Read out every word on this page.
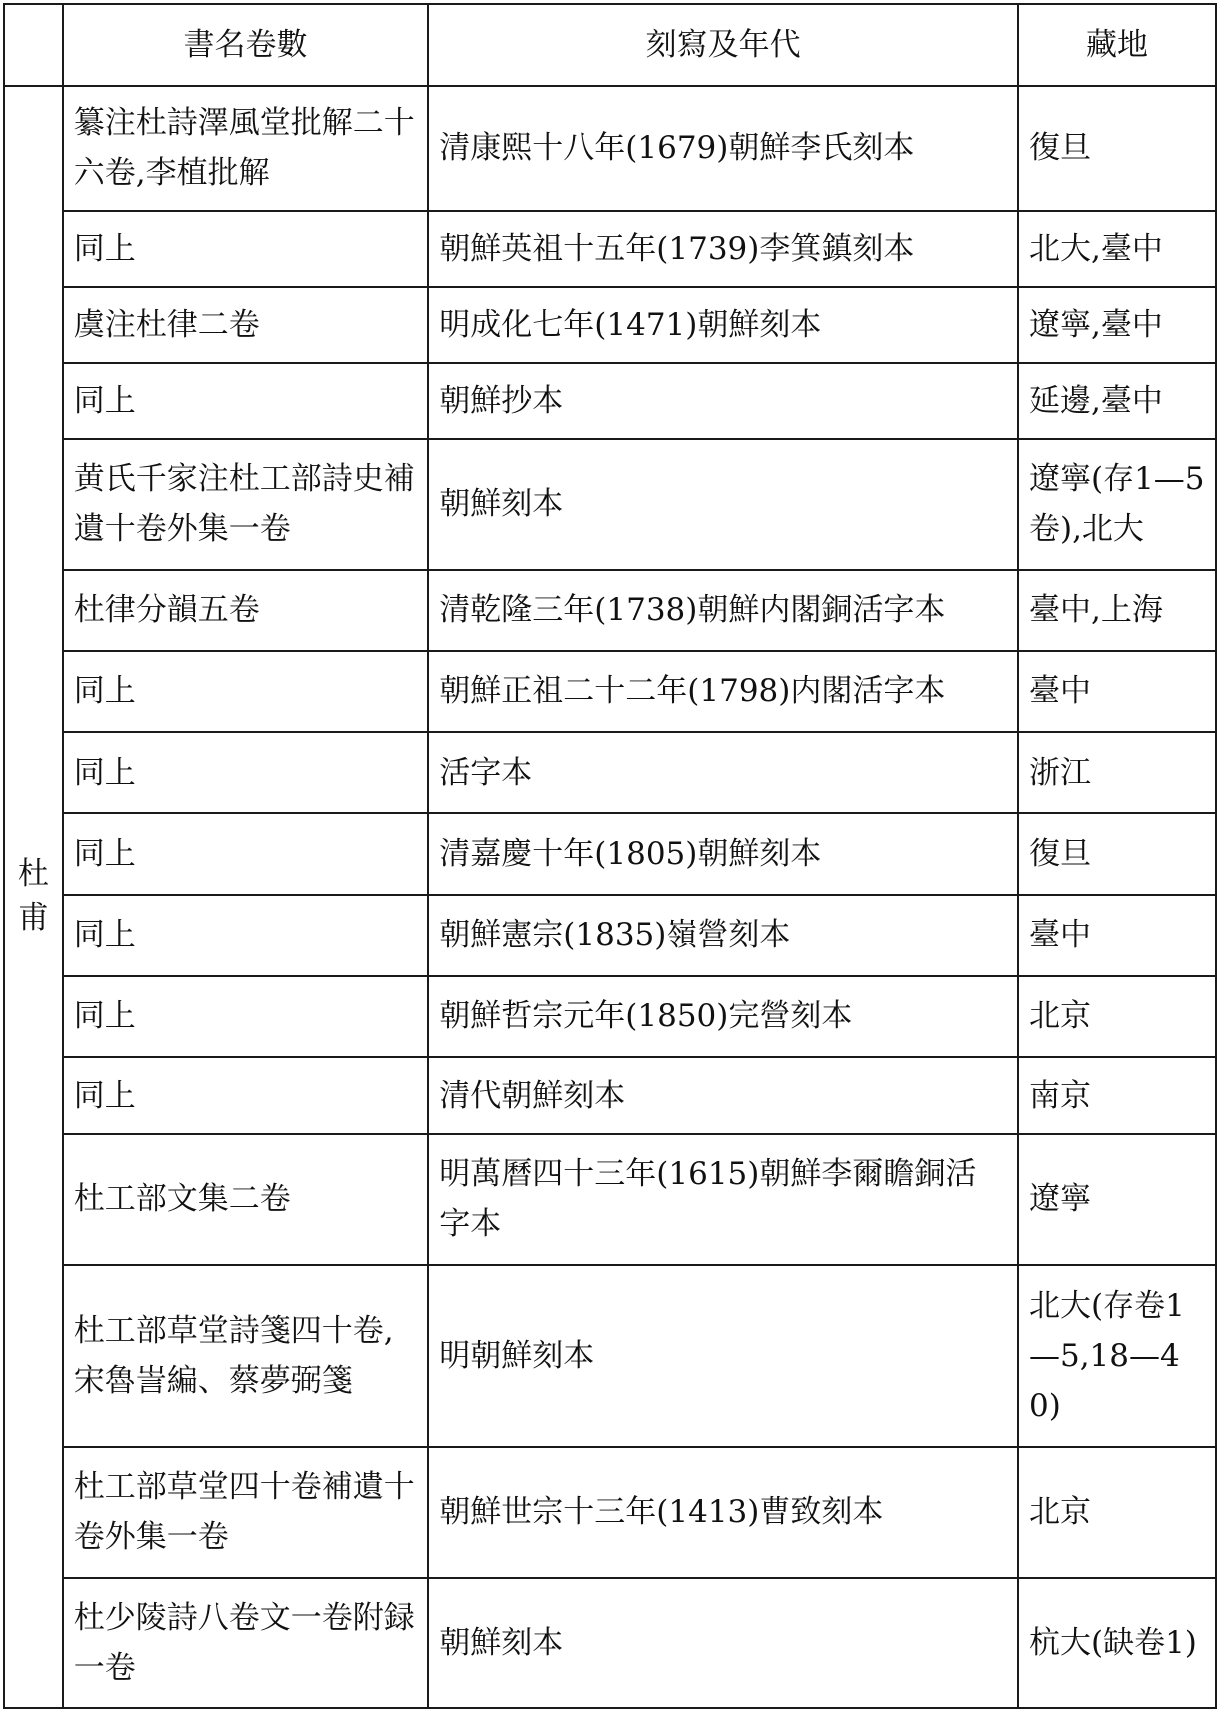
	書名卷數	刻寫及年代	藏地
杜甫	纂注杜詩澤風堂批解二十六卷,李植批解	清康熙十八年(1679)朝鮮李氏刻本	復旦
	同上	朝鮮英祖十五年(1739)李箕鎮刻本	北大,臺中
	虞注杜律二卷	明成化七年(1471)朝鮮刻本	遼寧,臺中
	同上	朝鮮抄本	延邊,臺中
	黄氏千家注杜工部詩史補遺十卷外集一卷	朝鮮刻本	遼寧(存1—5卷),北大
	杜律分韻五卷	清乾隆三年(1738)朝鮮内閣銅活字本	臺中,上海
	同上	朝鮮正祖二十二年(1798)内閣活字本	臺中
	同上	活字本	浙江
	同上	清嘉慶十年(1805)朝鮮刻本	復旦
	同上	朝鮮憲宗(1835)嶺營刻本	臺中
	同上	朝鮮哲宗元年(1850)完營刻本	北京
	同上	清代朝鮮刻本	南京
	杜工部文集二卷	明萬曆四十三年(1615)朝鮮李爾瞻銅活字本	遼寧
	杜工部草堂詩箋四十卷,宋魯訔編、蔡夢弼箋	明朝鮮刻本	北大(存卷1—5,18—40)
	杜工部草堂四十卷補遺十卷外集一卷	朝鮮世宗十三年(1413)曹致刻本	北京
	杜少陵詩八卷文一卷附録一卷	朝鮮刻本	杭大(缺卷1)
